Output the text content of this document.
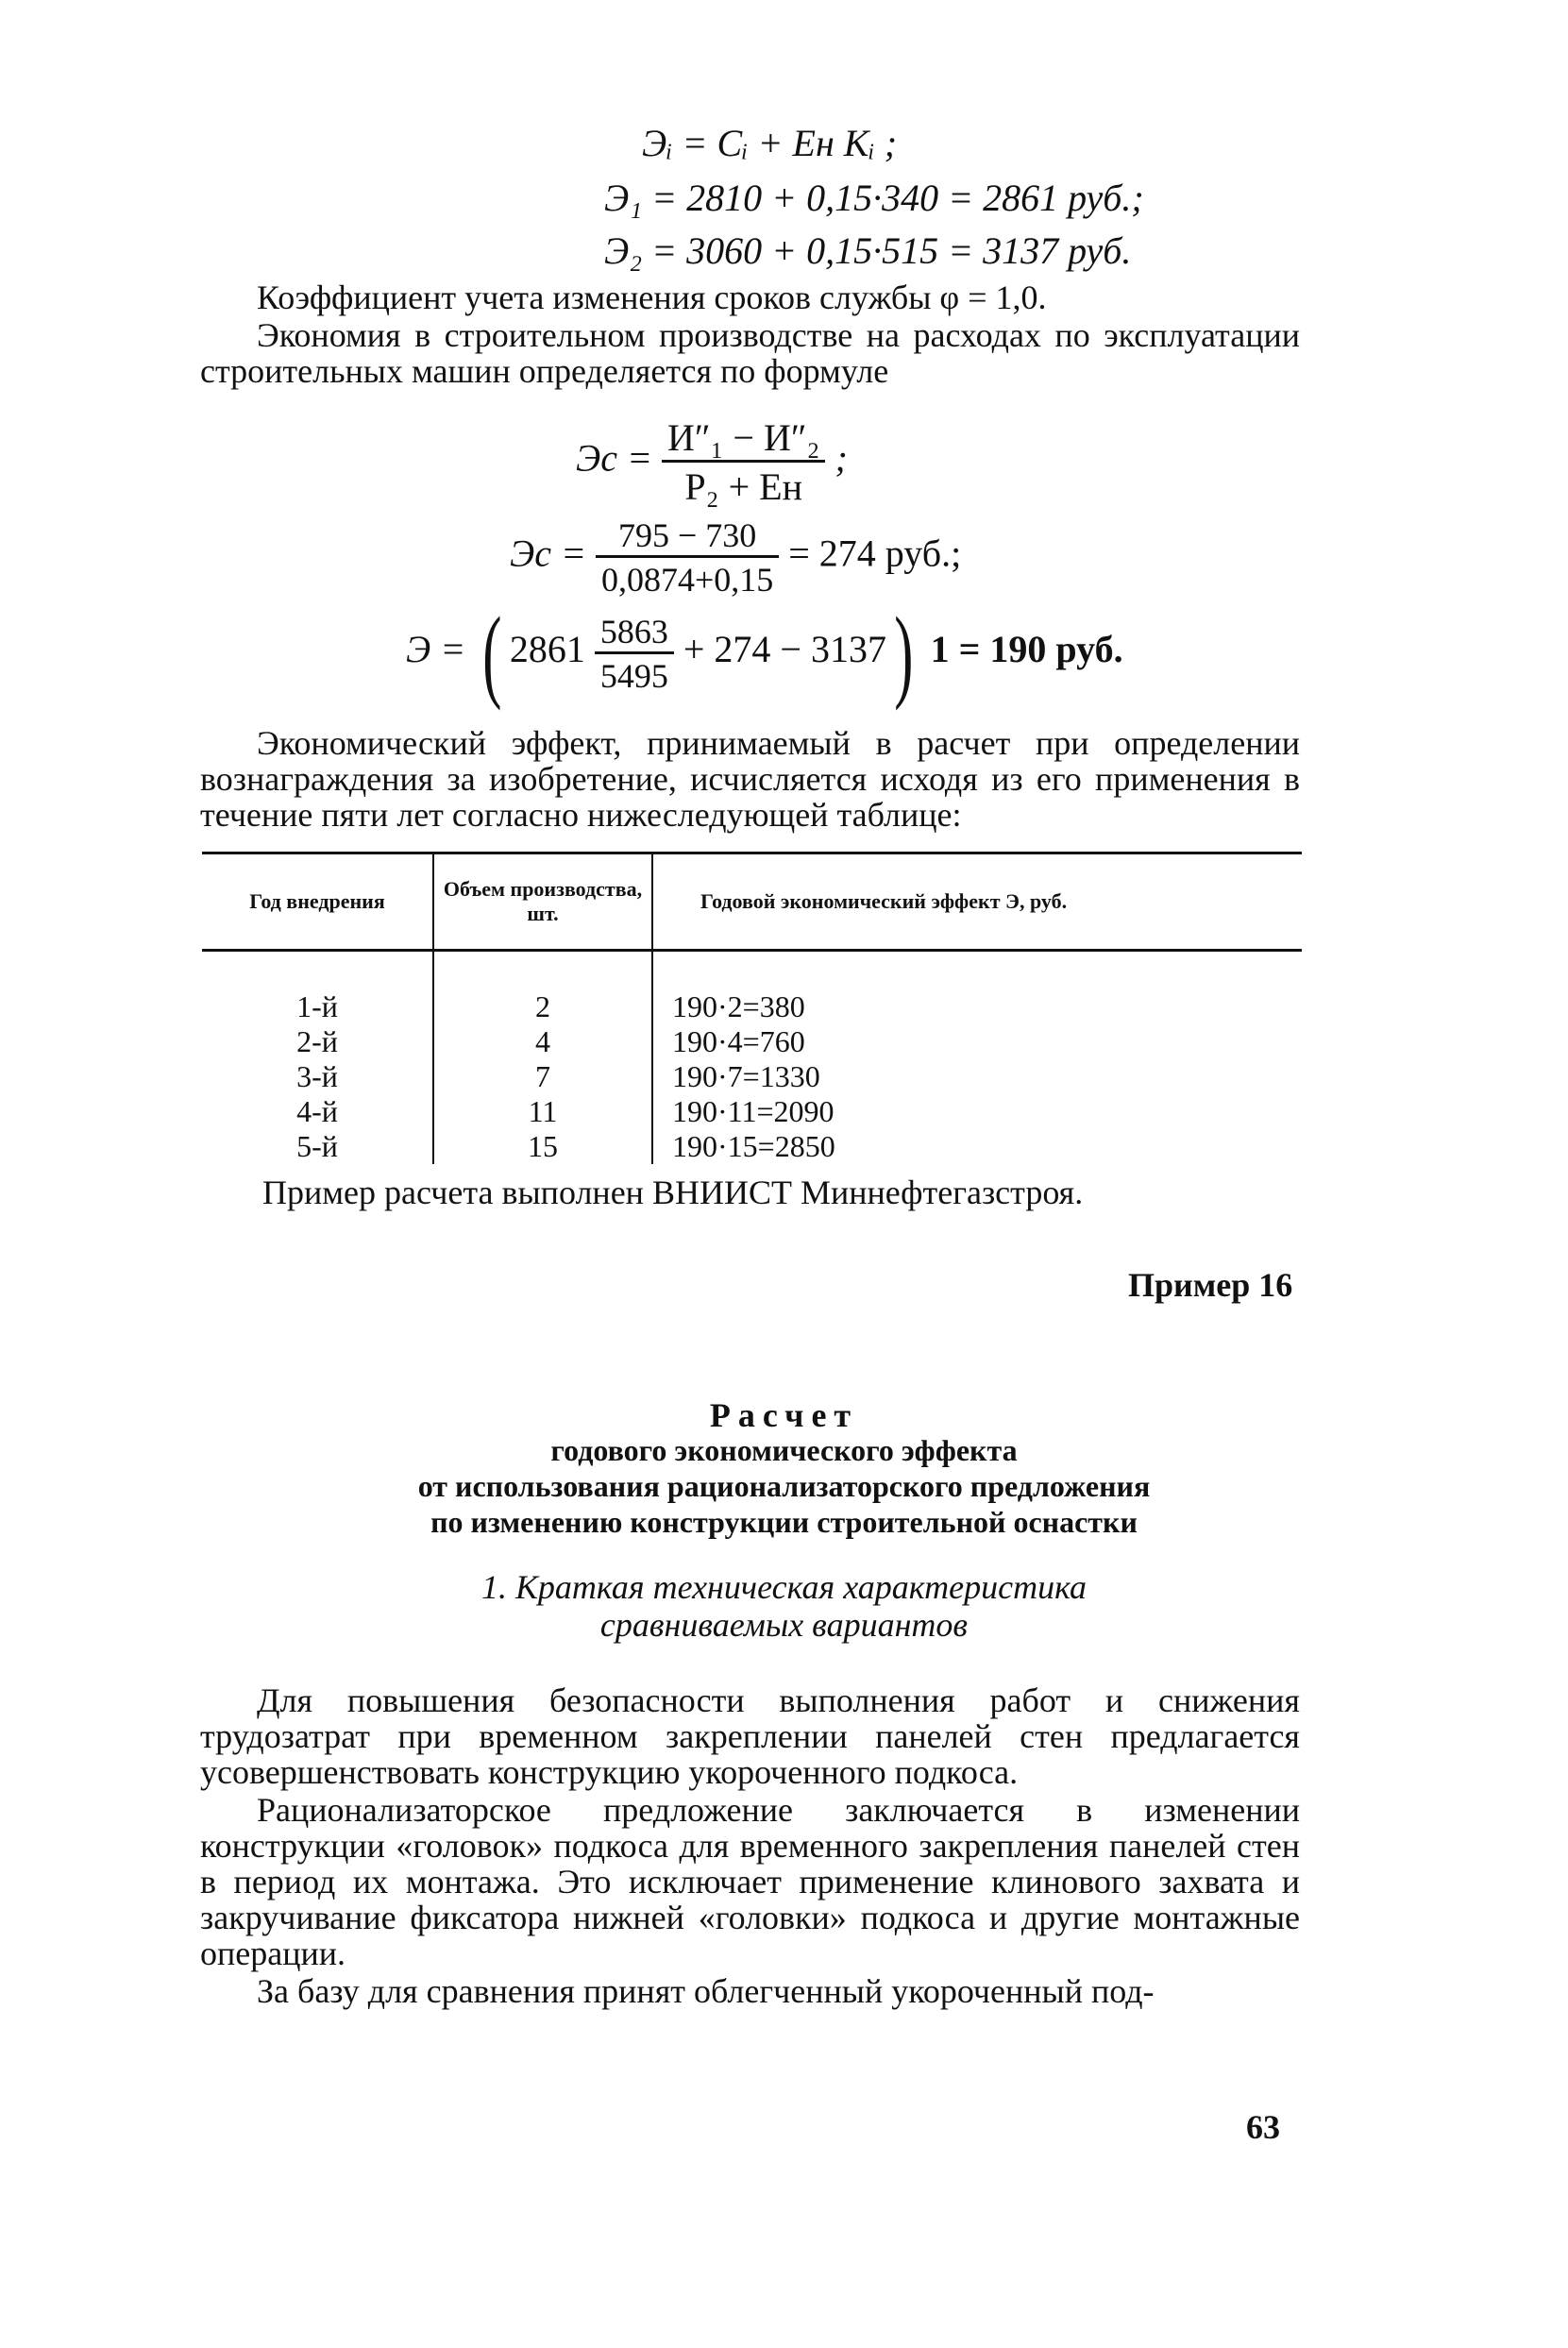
Эᵢ = Cᵢ + Eн Kᵢ ;
Э₁ = 2810 + 0,15·340 = 2861 руб.;
Э₂ = 3060 + 0,15·515 = 3137 руб.
Коэффициент учета изменения сроков службы φ = 1,0.
Экономия в строительном производстве на расходах по эксплуатации строительных машин определяется по формуле
Эс = $\frac{\text{И″₁ − И″₂}}{\text{P₂ + Eн}}$ ;
Эс = $\frac{795 - 730}{0,0874+0,15} = 274$ руб.;
Э = ( $2861 \frac{5863}{5495} + 274 - 3137$) 1 = 190 руб.
Экономический эффект, принимаемый в расчет при определении вознаграждения за изобретение, исчисляется исходя из его применения в течение пяти лет согласно нижеследующей таблице:
Год внедрения	Объем производства, шт.	Годовой экономический эффект Э, руб.

1-й	2	190·2=380
2-й	4	190·4=760
3-й	7	190·7=1330
4-й	11	190·11=2090
5-й	15	190·15=2850
Пример расчета выполнен ВНИИСТ Миннефтегазстроя.
Пример 16
Расчет
годового экономического эффекта
от использования рационализаторского предложения
по изменению конструкции строительной оснастки
1. Краткая техническая характеристика
сравниваемых вариантов
Для повышения безопасности выполнения работ и снижения трудозатрат при временном закреплении панелей стен предлагается усовершенствовать конструкцию укороченного подкоса.
Рационализаторское предложение заключается в изменении конструкции «головок» подкоса для временного закрепления панелей стен в период их монтажа. Это исключает применение клинового захвата и закручивание фиксатора нижней «головки» подкоса и другие монтажные операции.
За базу для сравнения принят облегченный укороченный под-
63
